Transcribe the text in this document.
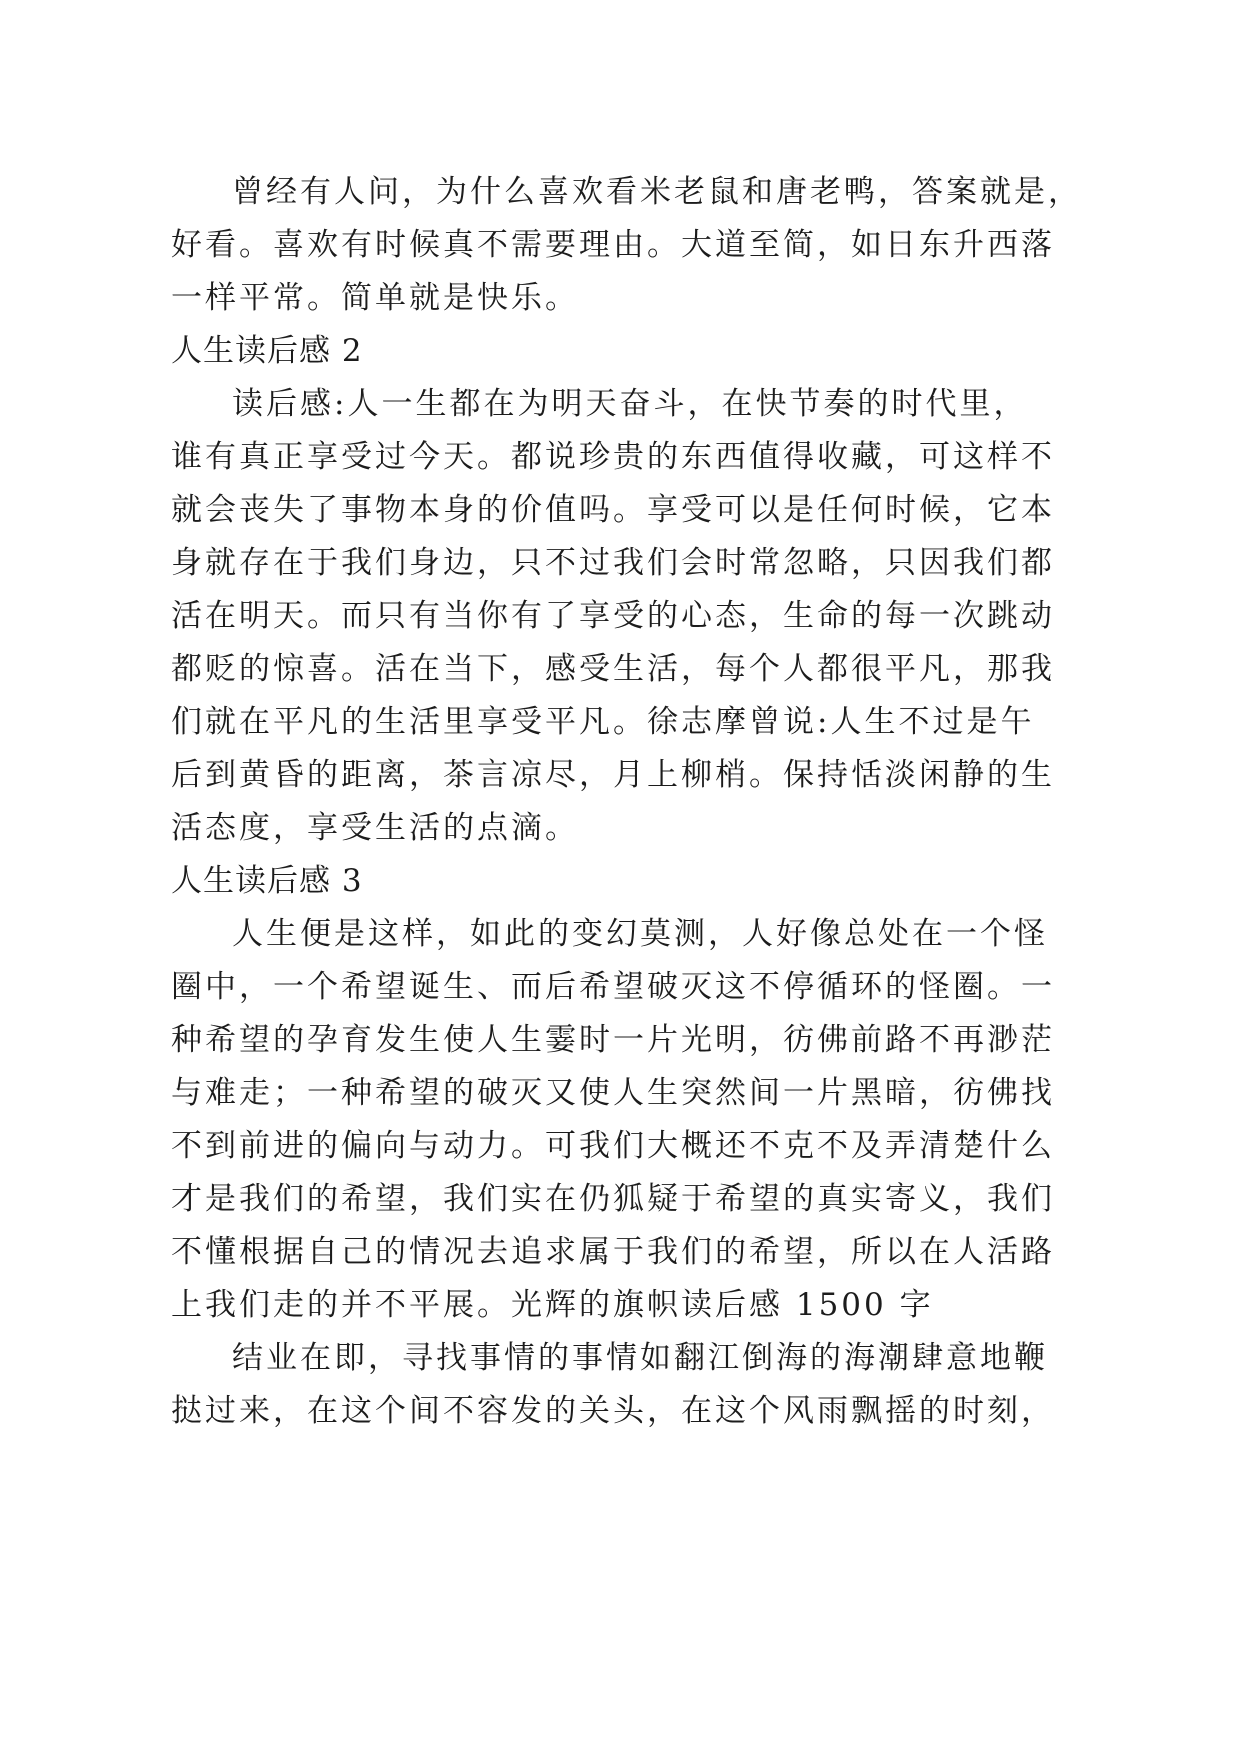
曾经有人问，为什么喜欢看米老鼠和唐老鸭，答案就是，

好看。喜欢有时候真不需要理由。大道至简，如日东升西落

一样平常。简单就是快乐。

人生读后感 2

读后感:人一生都在为明天奋斗，在快节奏的时代里，

谁有真正享受过今天。都说珍贵的东西值得收藏，可这样不

就会丧失了事物本身的价值吗。享受可以是任何时候，它本

身就存在于我们身边，只不过我们会时常忽略，只因我们都

活在明天。而只有当你有了享受的心态，生命的每一次跳动

都贬的惊喜。活在当下，感受生活，每个人都很平凡，那我

们就在平凡的生活里享受平凡。徐志摩曾说:人生不过是午

后到黄昏的距离，茶言凉尽，月上柳梢。保持恬淡闲静的生

活态度，享受生活的点滴。

人生读后感 3

人生便是这样，如此的变幻莫测，人好像总处在一个怪

圈中，一个希望诞生、而后希望破灭这不停循环的怪圈。一

种希望的孕育发生使人生霎时一片光明，彷佛前路不再渺茫

与难走；一种希望的破灭又使人生突然间一片黑暗，彷佛找

不到前进的偏向与动力。可我们大概还不克不及弄清楚什么

才是我们的希望，我们实在仍狐疑于希望的真实寄义，我们

不懂根据自己的情况去追求属于我们的希望，所以在人活路

上我们走的并不平展。光辉的旗帜读后感 1500 字

结业在即，寻找事情的事情如翻江倒海的海潮肆意地鞭

挞过来，在这个间不容发的关头，在这个风雨飘摇的时刻，
